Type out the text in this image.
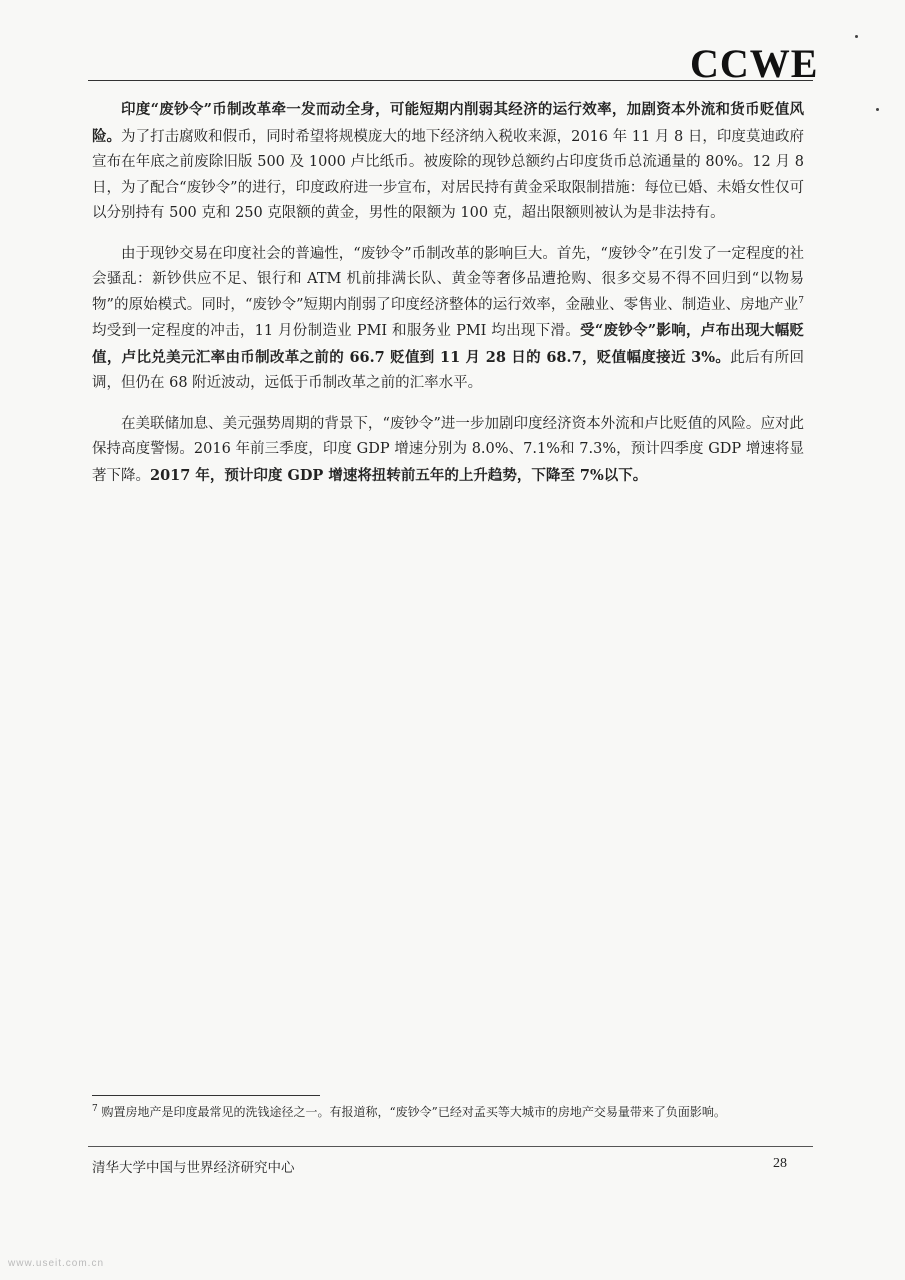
CCWE

印度“废钞令”币制改革牵一发而动全身，可能短期内削弱其经济的运行效率，加剧资本外流和货币贬值风险。为了打击腐败和假币，同时希望将规模庞大的地下经济纳入税收来源，2016 年 11 月 8 日，印度莫迪政府宣布在年底之前废除旧版 500 及 1000 卢比纸币。被废除的现钞总额约占印度货币总流通量的 80%。12 月 8 日，为了配合“废钞令”的进行，印度政府进一步宣布，对居民持有黄金采取限制措施：每位已婚、未婚女性仅可以分别持有 500 克和 250 克限额的黄金，男性的限额为 100 克，超出限额则被认为是非法持有。

由于现钞交易在印度社会的普遍性，“废钞令”币制改革的影响巨大。首先，“废钞令”在引发了一定程度的社会骚乱：新钞供应不足、银行和 ATM 机前排满长队、黄金等奢侈品遭抢购、很多交易不得不回归到“以物易物”的原始模式。同时，“废钞令”短期内削弱了印度经济整体的运行效率，金融业、零售业、制造业、房地产业$^7$均受到一定程度的冲击，11 月份制造业 PMI 和服务业 PMI 均出现下滑。受“废钞令”影响，卢布出现大幅贬值，卢比兑美元汇率由币制改革之前的 66.7 贬值到 11 月 28 日的 68.7，贬值幅度接近 3%。此后有所回调，但仍在 68 附近波动，远低于币制改革之前的汇率水平。

在美联储加息、美元强势周期的背景下，“废钞令”进一步加剧印度经济资本外流和卢比贬值的风险。应对此保持高度警惕。2016 年前三季度，印度 GDP 增速分别为 8.0%、7.1%和 7.3%，预计四季度 GDP 增速将显著下降。2017 年，预计印度 GDP 增速将扭转前五年的上升趋势，下降至 7%以下。

$^7$ 购置房地产是印度最常见的洗钱途径之一。有报道称，“废钞令”已经对孟买等大城市的房地产交易量带来了负面影响。
清华大学中国与世界经济研究中心	28
www.useit.com.cn
